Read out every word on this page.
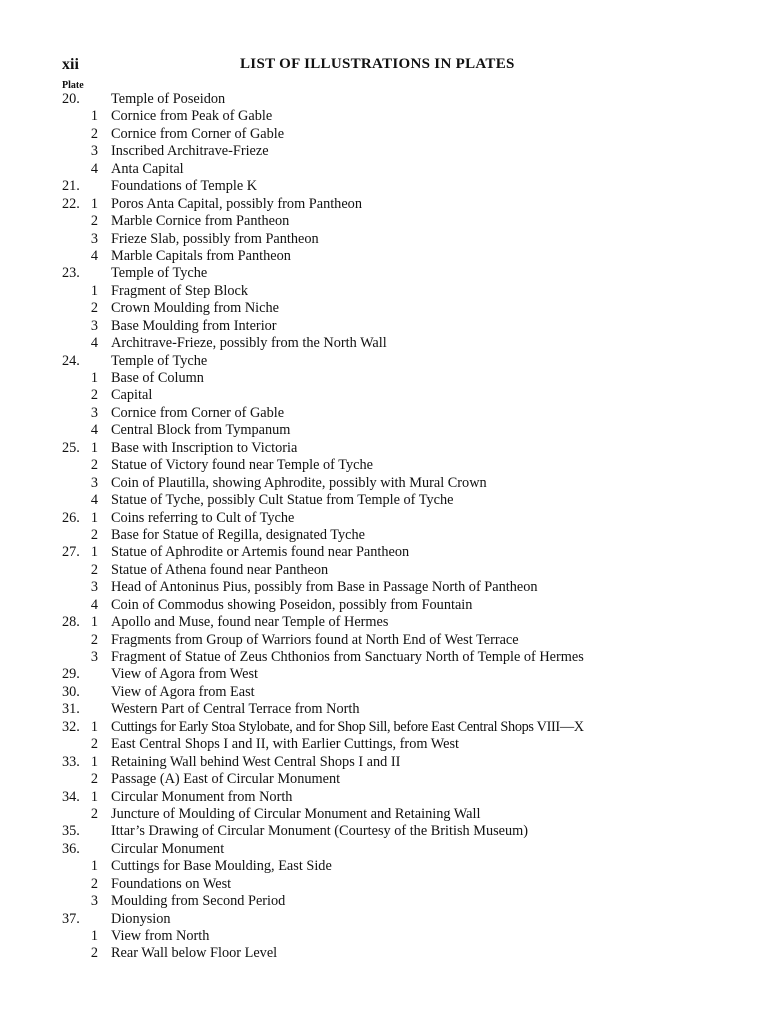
xii	LIST OF ILLUSTRATIONS IN PLATES
Plate
20.	Temple of Poseidon
1 Cornice from Peak of Gable
2 Cornice from Corner of Gable
3 Inscribed Architrave-Frieze
4 Anta Capital
21.	Foundations of Temple K
22. 1 Poros Anta Capital, possibly from Pantheon
2 Marble Cornice from Pantheon
3 Frieze Slab, possibly from Pantheon
4 Marble Capitals from Pantheon
23.	Temple of Tyche
1 Fragment of Step Block
2 Crown Moulding from Niche
3 Base Moulding from Interior
4 Architrave-Frieze, possibly from the North Wall
24.	Temple of Tyche
1 Base of Column
2 Capital
3 Cornice from Corner of Gable
4 Central Block from Tympanum
25. 1 Base with Inscription to Victoria
2 Statue of Victory found near Temple of Tyche
3 Coin of Plautilla, showing Aphrodite, possibly with Mural Crown
4 Statue of Tyche, possibly Cult Statue from Temple of Tyche
26. 1 Coins referring to Cult of Tyche
2 Base for Statue of Regilla, designated Tyche
27. 1 Statue of Aphrodite or Artemis found near Pantheon
2 Statue of Athena found near Pantheon
3 Head of Antoninus Pius, possibly from Base in Passage North of Pantheon
4 Coin of Commodus showing Poseidon, possibly from Fountain
28. 1 Apollo and Muse, found near Temple of Hermes
2 Fragments from Group of Warriors found at North End of West Terrace
3 Fragment of Statue of Zeus Chthonios from Sanctuary North of Temple of Hermes
29.	View of Agora from West
30.	View of Agora from East
31.	Western Part of Central Terrace from North
32. 1 Cuttings for Early Stoa Stylobate, and for Shop Sill, before East Central Shops VIII—X
2 East Central Shops I and II, with Earlier Cuttings, from West
33. 1 Retaining Wall behind West Central Shops I and II
2 Passage (A) East of Circular Monument
34. 1 Circular Monument from North
2 Juncture of Moulding of Circular Monument and Retaining Wall
35.	Ittar’s Drawing of Circular Monument (Courtesy of the British Museum)
36.	Circular Monument
1 Cuttings for Base Moulding, East Side
2 Foundations on West
3 Moulding from Second Period
37.	Dionysion
1 View from North
2 Rear Wall below Floor Level
